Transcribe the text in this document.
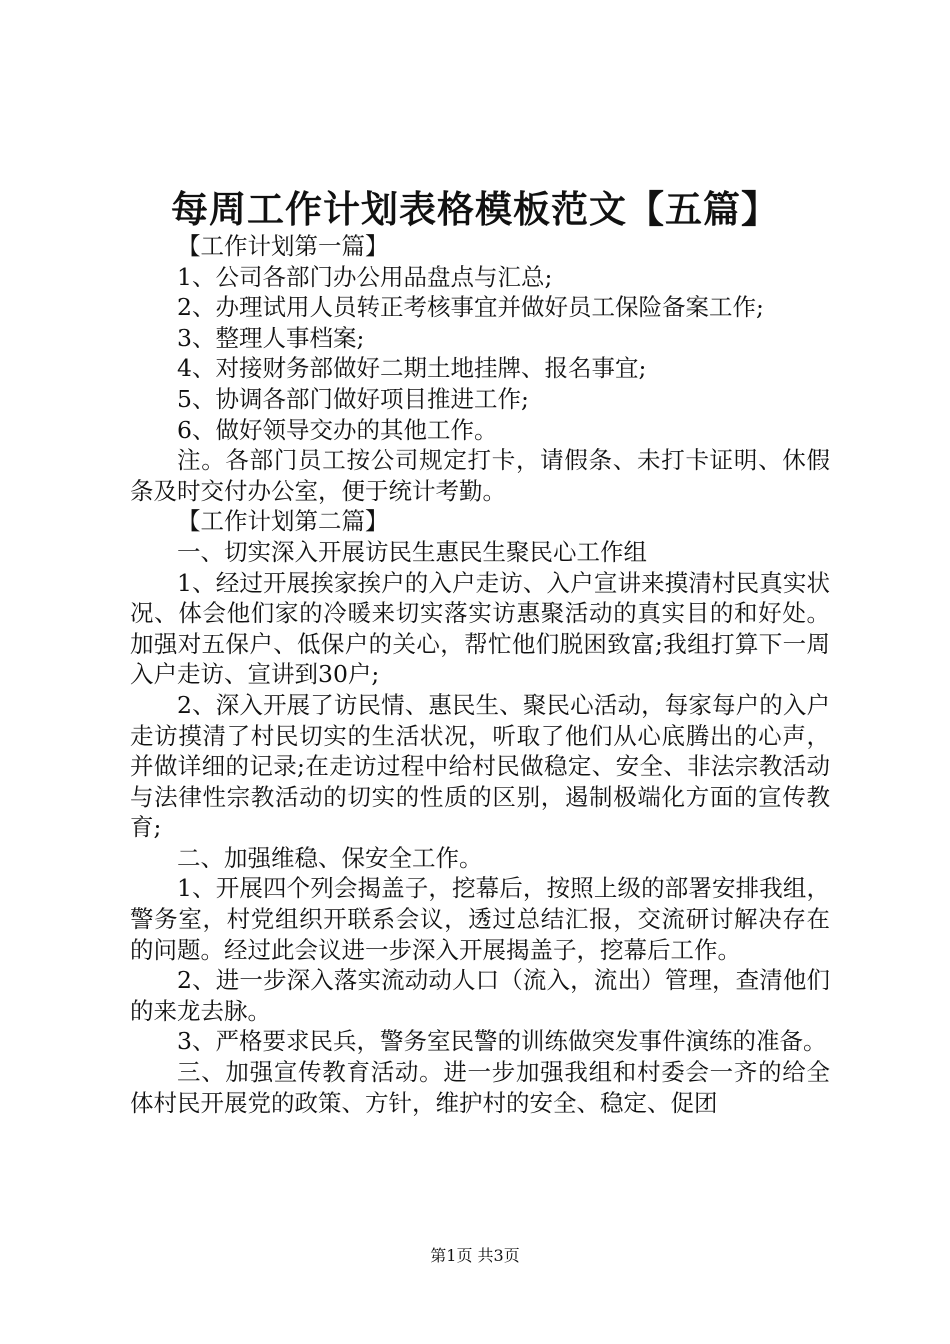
每周工作计划表格模板范文【五篇】

【工作计划第一篇】

1、公司各部门办公用品盘点与汇总;

2、办理试用人员转正考核事宜并做好员工保险备案工作;

3、整理人事档案;

4、对接财务部做好二期土地挂牌、报名事宜;

5、协调各部门做好项目推进工作;

6、做好领导交办的其他工作。

注。各部门员工按公司规定打卡，请假条、未打卡证明、休假条及时交付办公室，便于统计考勤。

【工作计划第二篇】

一、切实深入开展访民生惠民生聚民心工作组

1、经过开展挨家挨户的入户走访、入户宣讲来摸清村民真实状况、体会他们家的冷暖来切实落实访惠聚活动的真实目的和好处。加强对五保户、低保户的关心，帮忙他们脱困致富;我组打算下一周入户走访、宣讲到30户;

2、深入开展了访民情、惠民生、聚民心活动，每家每户的入户走访摸清了村民切实的生活状况，听取了他们从心底腾出的心声，并做详细的记录;在走访过程中给村民做稳定、安全、非法宗教活动与法律性宗教活动的切实的性质的区别，遏制极端化方面的宣传教育;

二、加强维稳、保安全工作。

1、开展四个列会揭盖子，挖幕后，按照上级的部署安排我组，警务室，村党组织开联系会议，透过总结汇报，交流研讨解决存在的问题。经过此会议进一步深入开展揭盖子，挖幕后工作。

2、进一步深入落实流动动人口（流入，流出）管理，查清他们的来龙去脉。

3、严格要求民兵，警务室民警的训练做突发事件演练的准备。

三、加强宣传教育活动。进一步加强我组和村委会一齐的给全体村民开展党的政策、方针，维护村的安全、稳定、促团

第1页 共3页
